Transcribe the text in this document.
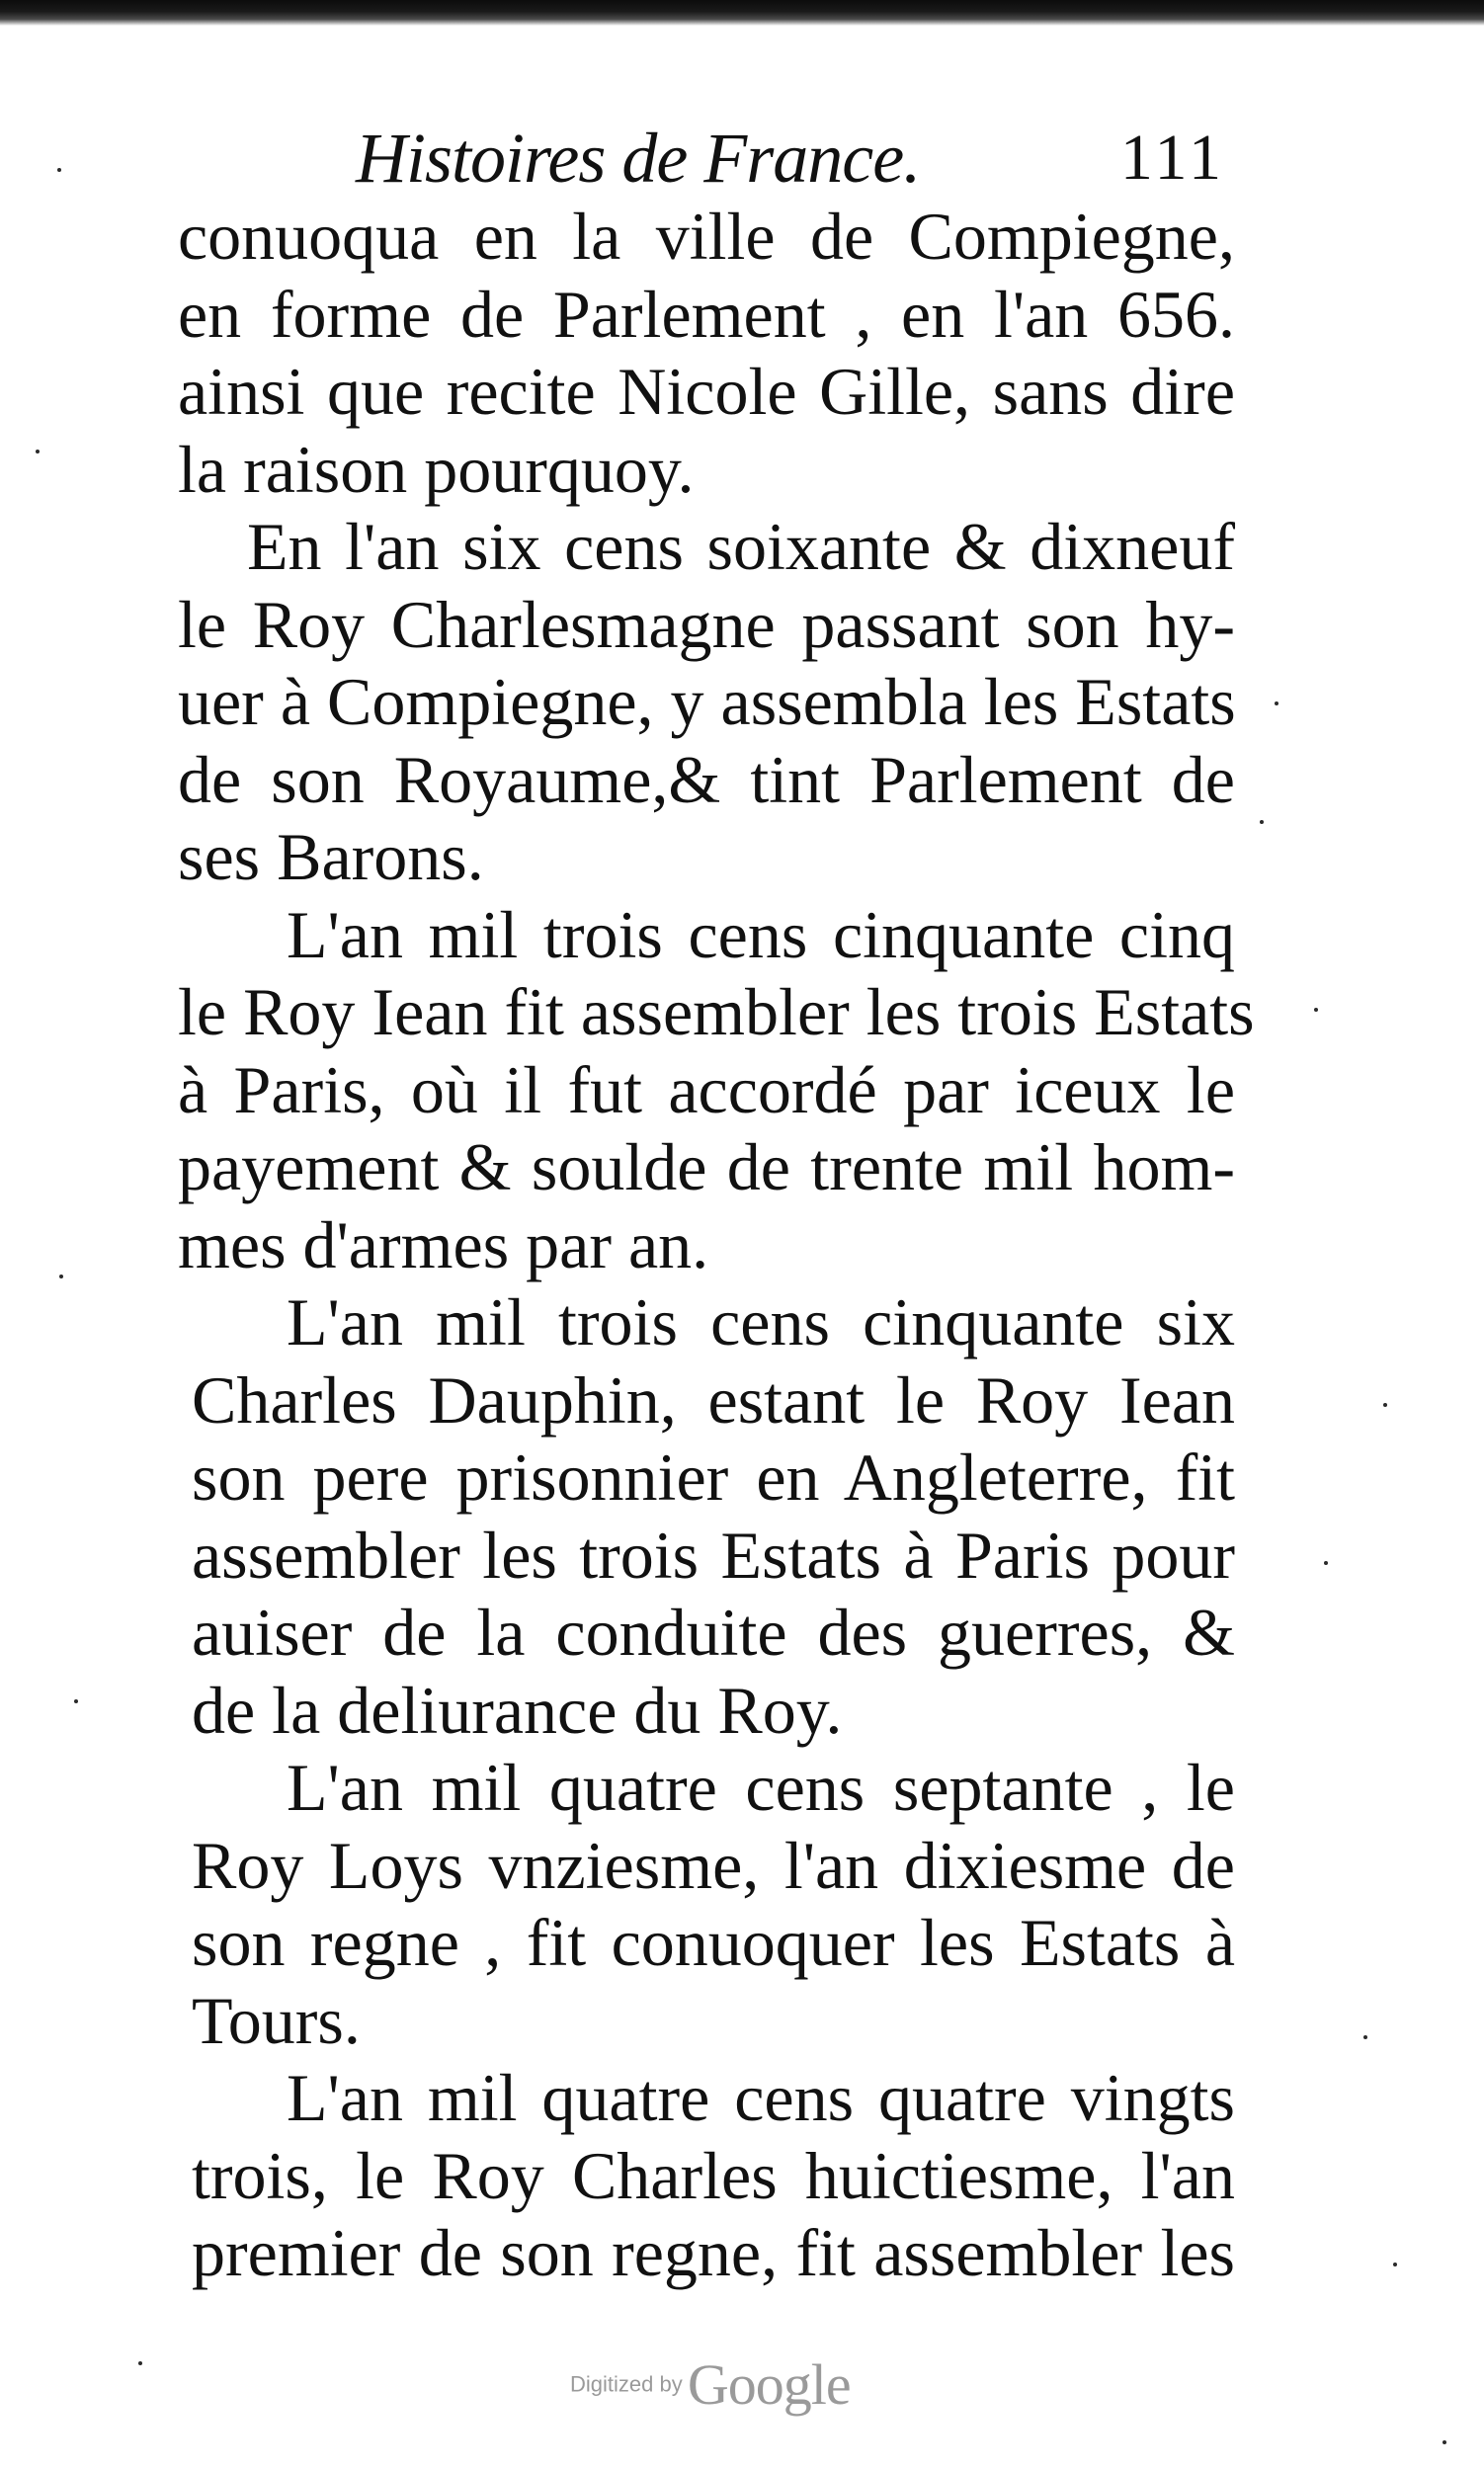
Histoires de France.	111
conuoqua en la ville de Compiegne,
en forme de Parlement , en l'an 656.
ainsi que recite Nicole Gille, sans dire
la raison pourquoy.
En l'an six cens soixante & dixneuf
le Roy Charlesmagne passant son hy-
uer à Compiegne, y assembla les Estats
de son Royaume,& tint Parlement de
ses Barons.
L'an mil trois cens cinquante cinq
le Roy Iean fit assembler les trois Estats
à Paris, où il fut accordé par iceux le
payement & soulde de trente mil hom-
mes d'armes par an.
L'an mil trois cens cinquante six
Charles Dauphin, estant le Roy Iean
son pere prisonnier en Angleterre, fit
assembler les trois Estats à Paris pour
auiser de la conduite des guerres, &
de la deliurance du Roy.
L'an mil quatre cens septante , le
Roy Loys vnziesme, l'an dixiesme de
son regne , fit conuoquer les Estats à
Tours.
L'an mil quatre cens quatre vingts
trois, le Roy Charles huictiesme, l'an
premier de son regne, fit assembler les
Digitized by Google
